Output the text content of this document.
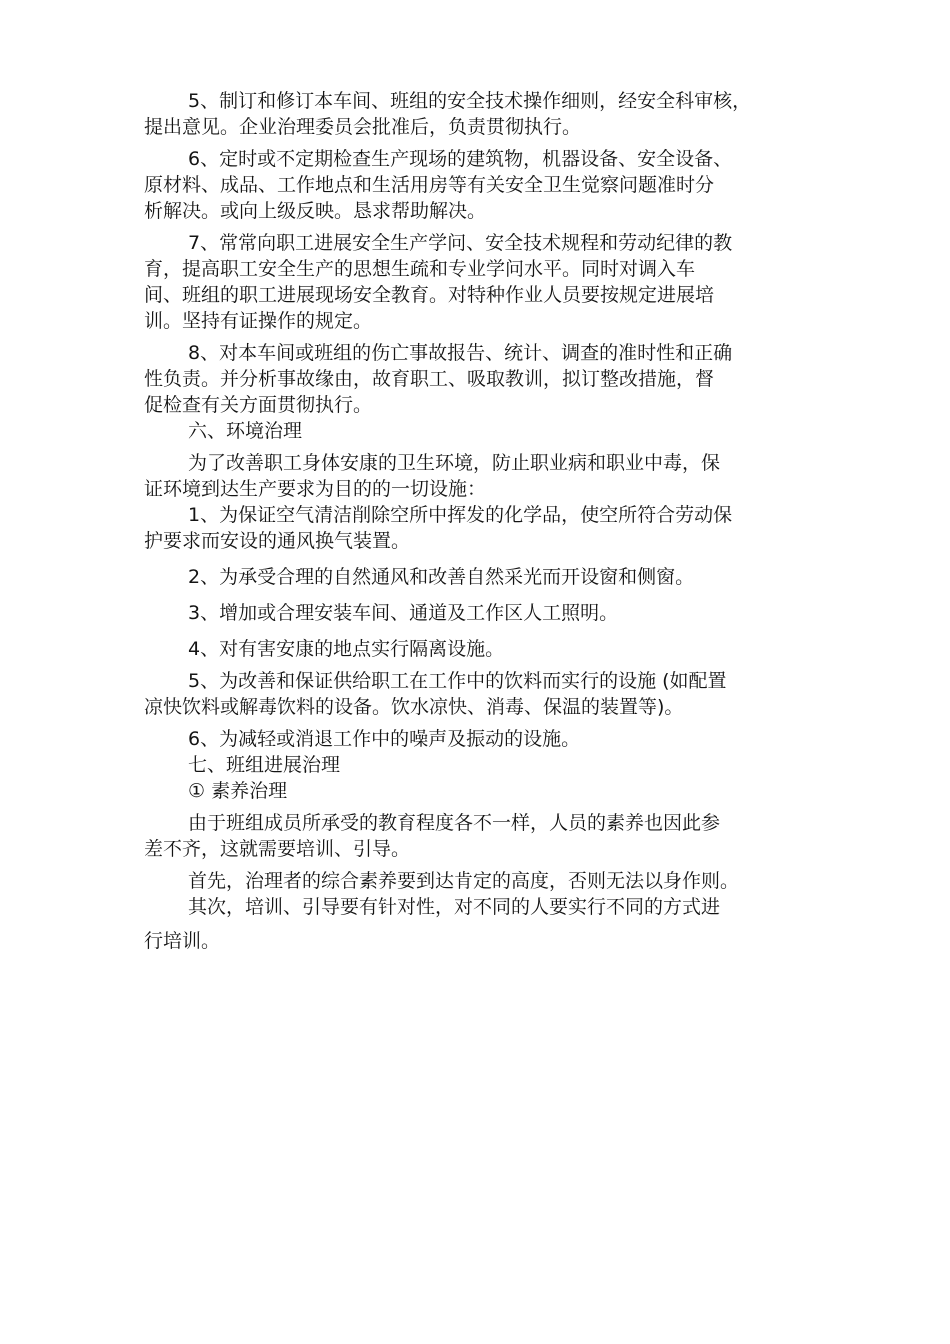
5、制订和修订本车间、班组的安全技术操作细则，经安全科审核，
提出意见。企业治理委员会批准后，负责贯彻执行。
6、定时或不定期检查生产现场的建筑物，机器设备、安全设备、
原材料、成品、工作地点和生活用房等有关安全卫生觉察问题准时分
析解决。或向上级反映。恳求帮助解决。
7、常常向职工进展安全生产学问、安全技术规程和劳动纪律的教
育，提高职工安全生产的思想生疏和专业学问水平。同时对调入车
间、班组的职工进展现场安全教育。对特种作业人员要按规定进展培
训。坚持有证操作的规定。
8、对本车间或班组的伤亡事故报告、统计、调查的准时性和正确
性负责。并分析事故缘由，故育职工、吸取教训，拟订整改措施，督
促检查有关方面贯彻执行。
六、环境治理
为了改善职工身体安康的卫生环境，防止职业病和职业中毒，保
证环境到达生产要求为目的的一切设施：
1、为保证空气清洁削除空所中挥发的化学品，使空所符合劳动保
护要求而安设的通风换气装置。
2、为承受合理的自然通风和改善自然采光而开设窗和侧窗。
3、增加或合理安装车间、通道及工作区人工照明。
4、对有害安康的地点实行隔离设施。
5、为改善和保证供给职工在工作中的饮料而实行的设施 (如配置
凉快饮料或解毒饮料的设备。饮水凉快、消毒、保温的装置等)。
6、为减轻或消退工作中的噪声及振动的设施。
七、班组进展治理
① 素养治理
由于班组成员所承受的教育程度各不一样，人员的素养也因此参
差不齐，这就需要培训、引导。
首先，治理者的综合素养要到达肯定的高度，否则无法以身作则。
其次，培训、引导要有针对性，对不同的人要实行不同的方式进
行培训。
